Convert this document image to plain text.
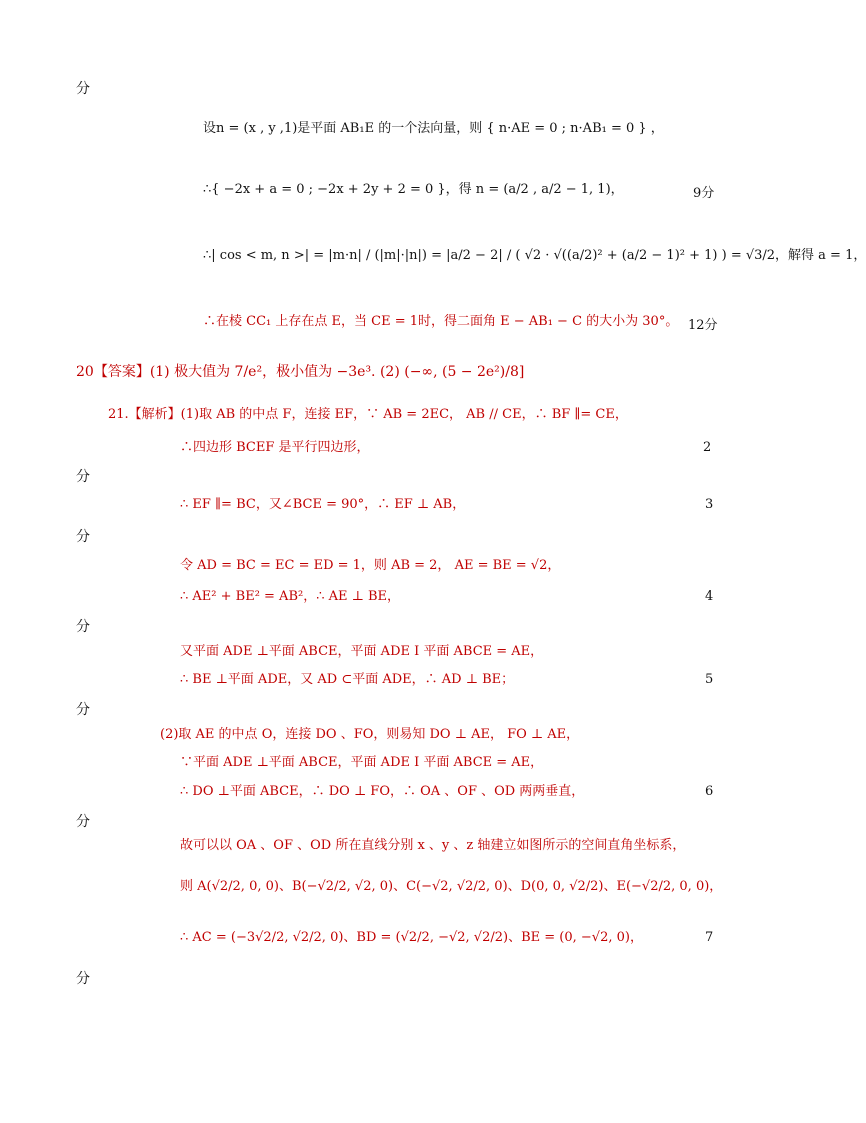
分
设n = (x , y ,1)是平面 AB₁E 的一个法向量，则 { n·AE = 0 ; n·AB₁ = 0 } ，
∴{ −2x + a = 0 ; −2x + 2y + 2 = 0 }，得 n = (a/2 , a/2 − 1, 1)，	9分
∴| cos < m, n >| = |m·n| / (|m|·|n|) = |a/2 − 2| / ( √2 · √((a/2)² + (a/2 − 1)² + 1) ) = √3/2，解得 a = 1，
∴在棱 CC₁ 上存在点 E，当 CE = 1时，得二面角 E − AB₁ − C 的大小为 30°。 12分
20【答案】(1) 极大值为 7/e²，极小值为 −3e³. (2) (−∞, (5 − 2e²)/8]
21.【解析】(1)取 AB 的中点 F，连接 EF，∵ AB = 2EC， AB // CE，∴ BF ∥= CE，
∴四边形 BCEF 是平行四边形，	2
分
∴ EF ∥= BC，又∠BCE = 90°，∴ EF ⊥ AB，	3
分
令 AD = BC = EC = ED = 1，则 AB = 2， AE = BE = √2，
∴ AE² + BE² = AB²，∴ AE ⊥ BE，	4
分
又平面 ADE ⊥平面 ABCE，平面 ADE I 平面 ABCE = AE，
∴ BE ⊥平面 ADE，又 AD ⊂平面 ADE，∴ AD ⊥ BE；	5
分
(2)取 AE 的中点 O，连接 DO 、FO，则易知 DO ⊥ AE， FO ⊥ AE，
∵平面 ADE ⊥平面 ABCE，平面 ADE I 平面 ABCE = AE，
∴ DO ⊥平面 ABCE，∴ DO ⊥ FO，∴ OA 、OF 、OD 两两垂直，	6
分
故可以以 OA 、OF 、OD 所在直线分别 x 、y 、z 轴建立如图所示的空间直角坐标系，
则 A(√2/2, 0, 0)、B(−√2/2, √2, 0)、C(−√2, √2/2, 0)、D(0, 0, √2/2)、E(−√2/2, 0, 0)，
∴ AC = (−3√2/2, √2/2, 0)、BD = (√2/2, −√2, √2/2)、BE = (0, −√2, 0)，	7
分
